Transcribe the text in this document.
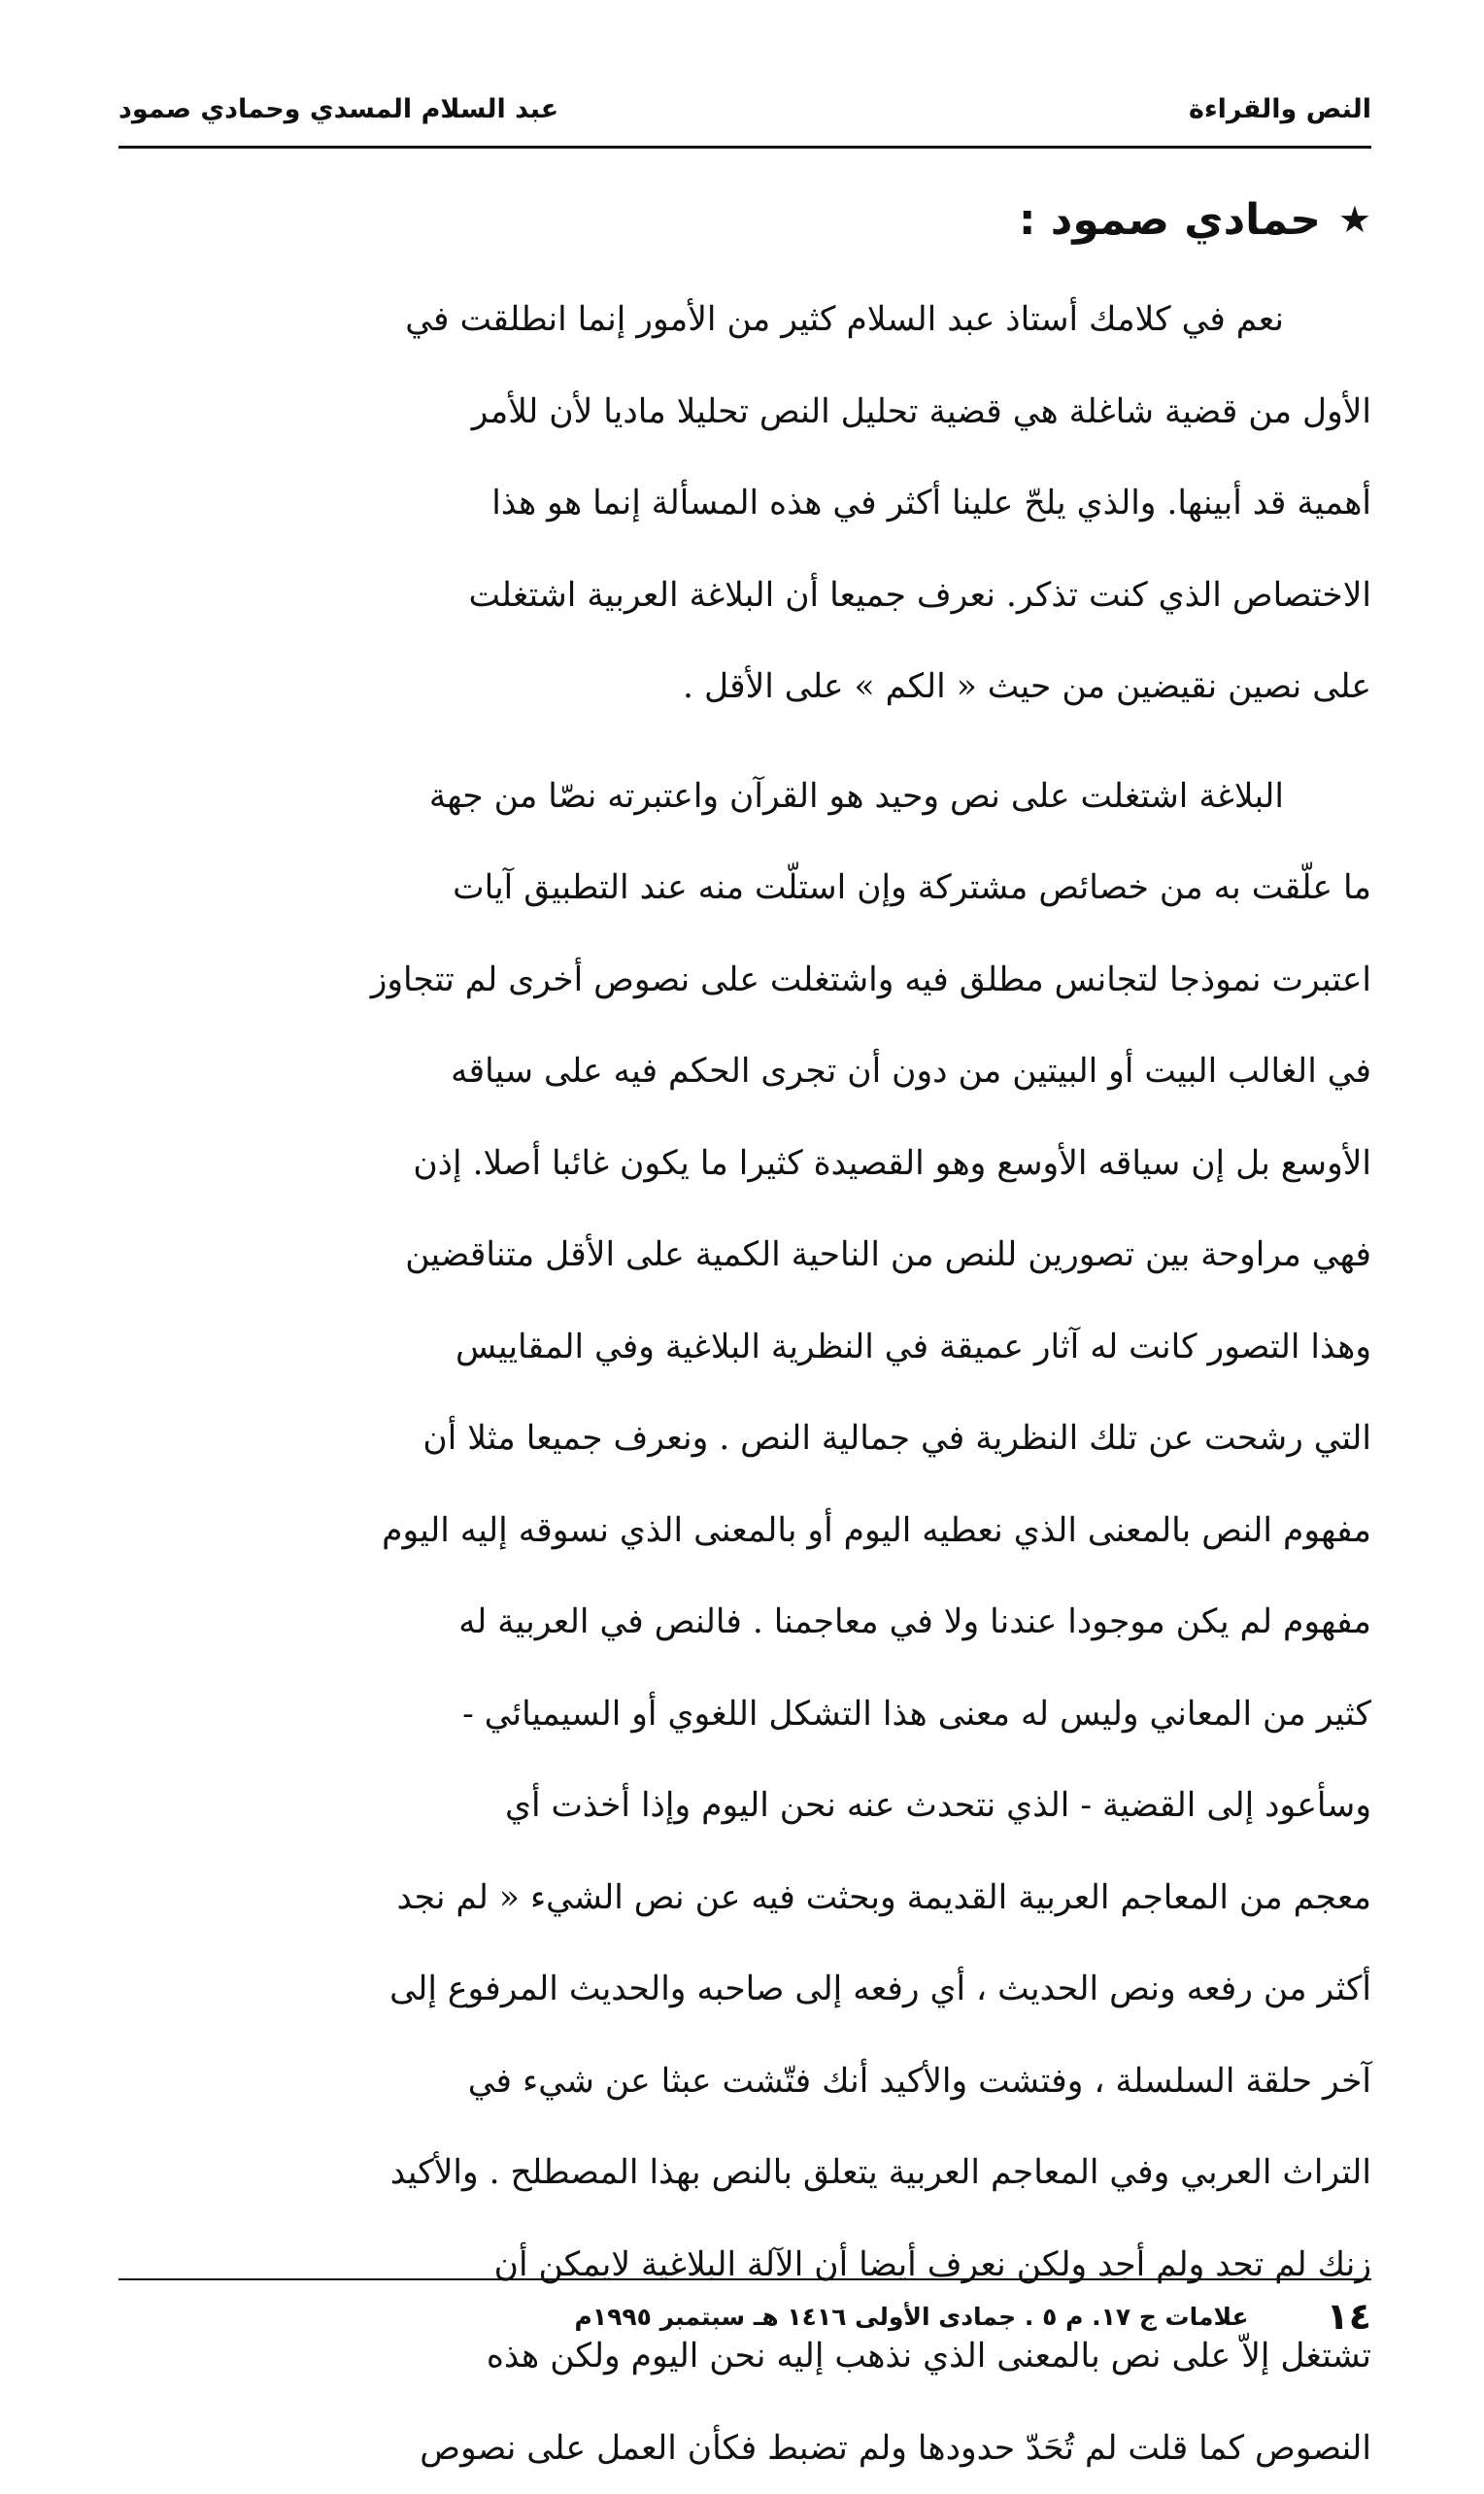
النص والقراءة
عبد السلام المسدي وحمادي صمود
★
حمادي صمود :

نعم في كلامك أستاذ عبد السلام كثير من الأمور إنما انطلقت في

الأول من قضية شاغلة هي قضية تحليل النص تحليلا ماديا لأن للأمر

أهمية قد أبينها. والذي يلحّ علينا أكثر في هذه المسألة إنما هو هذا

الاختصاص الذي كنت تذكر. نعرف جميعا أن البلاغة العربية اشتغلت

على نصين نقيضين من حيث « الكم » على الأقل .

البلاغة اشتغلت على نص وحيد هو القرآن واعتبرته نصّا من جهة

ما علّقت به من خصائص مشتركة وإن استلّت منه عند التطبيق آيات

اعتبرت نموذجا لتجانس مطلق فيه واشتغلت على نصوص أخرى لم تتجاوز

في الغالب البيت أو البيتين من دون أن تجرى الحكم فيه على سياقه

الأوسع بل إن سياقه الأوسع وهو القصيدة كثيرا ما يكون غائبا أصلا. إذن

فهي مراوحة بين تصورين للنص من الناحية الكمية على الأقل متناقضين

وهذا التصور كانت له آثار عميقة في النظرية البلاغية وفي المقاييس

التي رشحت عن تلك النظرية في جمالية النص . ونعرف جميعا مثلا أن

مفهوم النص بالمعنى الذي نعطيه اليوم أو بالمعنى الذي نسوقه إليه اليوم

مفهوم لم يكن موجودا عندنا ولا في معاجمنا . فالنص في العربية له

كثير من المعاني وليس له معنى هذا التشكل اللغوي أو السيميائي -

وسأعود إلى القضية - الذي نتحدث عنه نحن اليوم وإذا أخذت أي

معجم من المعاجم العربية القديمة وبحثت فيه عن نص الشيء « لم نجد

أكثر من رفعه ونص الحديث ، أي رفعه إلى صاحبه والحديث المرفوع إلى

آخر حلقة السلسلة ، وفتشت والأكيد أنك فتّشت عبثا عن شيء في

التراث العربي وفي المعاجم العربية يتعلق بالنص بهذا المصطلح . والأكيد

زنك لم تجد ولم أجد ولكن نعرف أيضا أن الآلة البلاغية لايمكن أن

تشتغل إلاّ على نص بالمعنى الذي نذهب إليه نحن اليوم ولكن هذه

النصوص كما قلت لم تُحَدّ حدودها ولم تضبط فكأن العمل على نصوص

١٤
علامات ج ١٧. م ٥ . جمادى الأولى ١٤١٦ هـ سبتمبر ١٩٩٥م
